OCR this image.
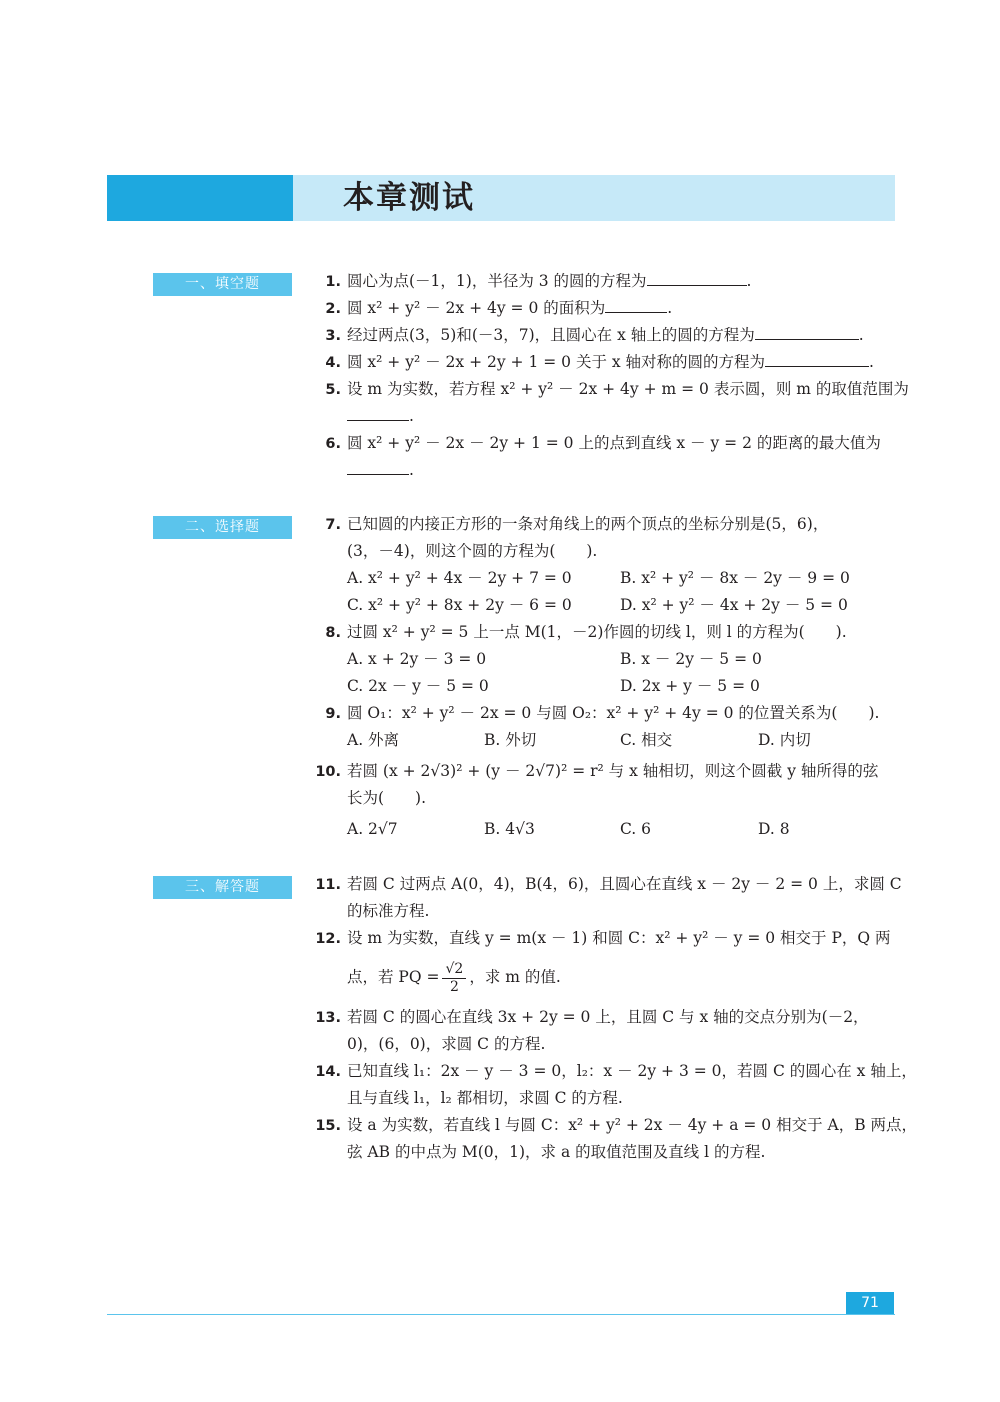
本章测试
一、填空题	1. 圆心为点(－1，1)，半径为 3 的圆的方程为	.
2. 圆 x² + y² － 2x + 4y = 0 的面积为	.
3. 经过两点(3，5)和(－3，7)，且圆心在 x 轴上的圆的方程为	.
4. 圆 x² + y² － 2x + 2y + 1 = 0 关于 x 轴对称的圆的方程为	.
5. 设 m 为实数，若方程 x² + y² － 2x + 4y + m = 0 表示圆，则 m 的取值范围为
.
6. 圆 x² + y² － 2x － 2y + 1 = 0 上的点到直线 x － y = 2 的距离的最大值为
.
二、选择题	7. 已知圆的内接正方形的一条对角线上的两个顶点的坐标分别是(5，6)，
(3，－4)，则这个圆的方程为(　　).
A. x² + y² + 4x － 2y + 7 = 0	B. x² + y² － 8x － 2y － 9 = 0
C. x² + y² + 8x + 2y － 6 = 0	D. x² + y² － 4x + 2y － 5 = 0
8. 过圆 x² + y² = 5 上一点 M(1，－2)作圆的切线 l，则 l 的方程为(　　).
A. x + 2y － 3 = 0	B. x － 2y － 5 = 0
C. 2x － y － 5 = 0	D. 2x + y － 5 = 0
9. 圆 O₁：x² + y² － 2x = 0 与圆 O₂：x² + y² + 4y = 0 的位置关系为(　　).
A. 外离	B. 外切	C. 相交	D. 内切
10. 若圆 (x + 2√3)² + (y － 2√7)² = r² 与 x 轴相切，则这个圆截 y 轴所得的弦
长为(　　).
A. 2√7	B. 4√3	C. 6	D. 8
三、解答题	11. 若圆 C 过两点 A(0，4)，B(4，6)，且圆心在直线 x － 2y － 2 = 0 上，求圆 C
的标准方程.
12. 设 m 为实数，直线 y = m(x － 1) 和圆 C：x² + y² － y = 0 相交于 P，Q 两
点，若 PQ = $\frac{√2}{2}$ ，求 m 的值.
13. 若圆 C 的圆心在直线 3x + 2y = 0 上，且圆 C 与 x 轴的交点分别为(－2，
0)，(6，0)，求圆 C 的方程.
14. 已知直线 l₁：2x － y － 3 = 0，l₂：x － 2y + 3 = 0，若圆 C 的圆心在 x 轴上，
且与直线 l₁，l₂ 都相切，求圆 C 的方程.
15. 设 a 为实数，若直线 l 与圆 C：x² + y² + 2x － 4y + a = 0 相交于 A，B 两点，
弦 AB 的中点为 M(0，1)，求 a 的取值范围及直线 l 的方程.
71
